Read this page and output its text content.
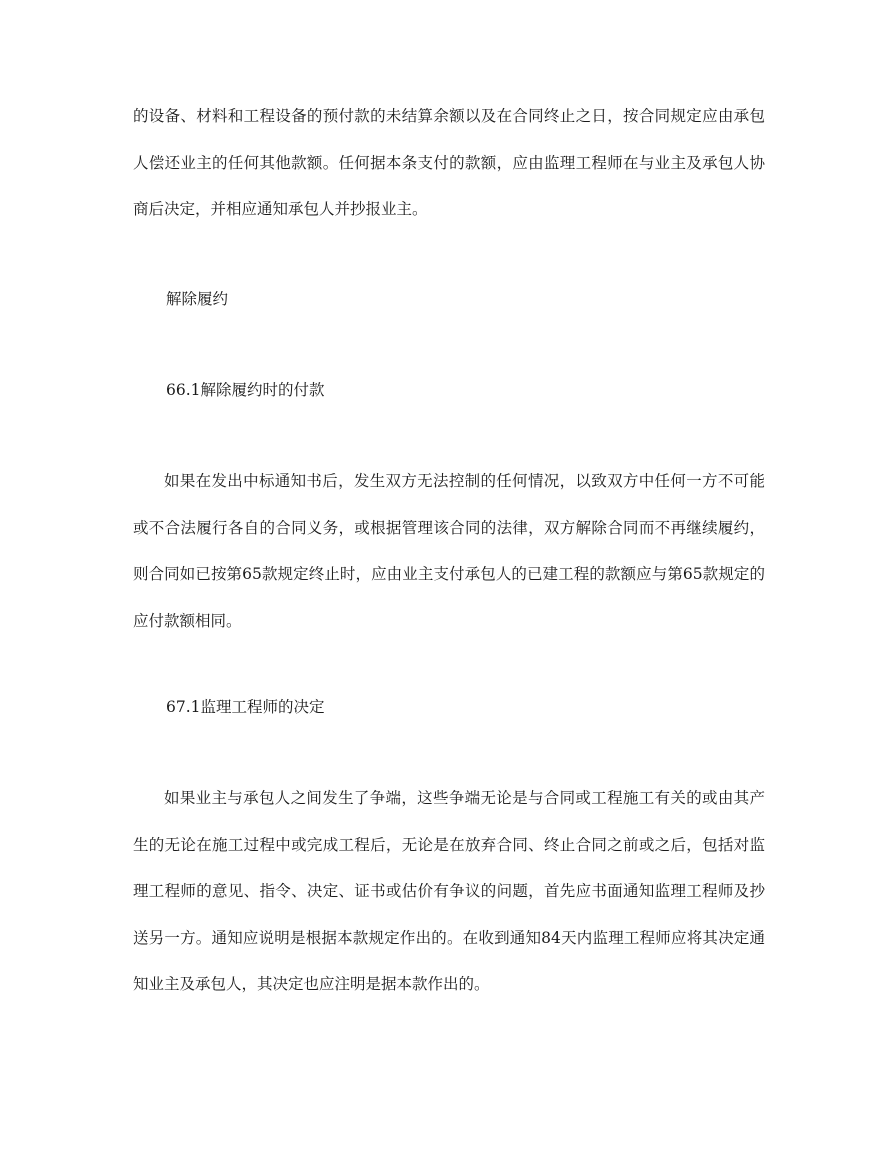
的设备、材料和工程设备的预付款的未结算余额以及在合同终止之日，按合同规定应由承包人偿还业主的任何其他款额。任何据本条支付的款额，应由监理工程师在与业主及承包人协商后决定，并相应通知承包人并抄报业主。

解除履约

66.1解除履约时的付款

如果在发出中标通知书后，发生双方无法控制的任何情况，以致双方中任何一方不可能或不合法履行各自的合同义务，或根据管理该合同的法律，双方解除合同而不再继续履约，则合同如已按第65款规定终止时，应由业主支付承包人的已建工程的款额应与第65款规定的应付款额相同。

67.1监理工程师的决定

如果业主与承包人之间发生了争端，这些争端无论是与合同或工程施工有关的或由其产生的无论在施工过程中或完成工程后，无论是在放弃合同、终止合同之前或之后，包括对监理工程师的意见、指令、决定、证书或估价有争议的问题，首先应书面通知监理工程师及抄送另一方。通知应说明是根据本款规定作出的。在收到通知84天内监理工程师应将其决定通知业主及承包人，其决定也应注明是据本款作出的。
